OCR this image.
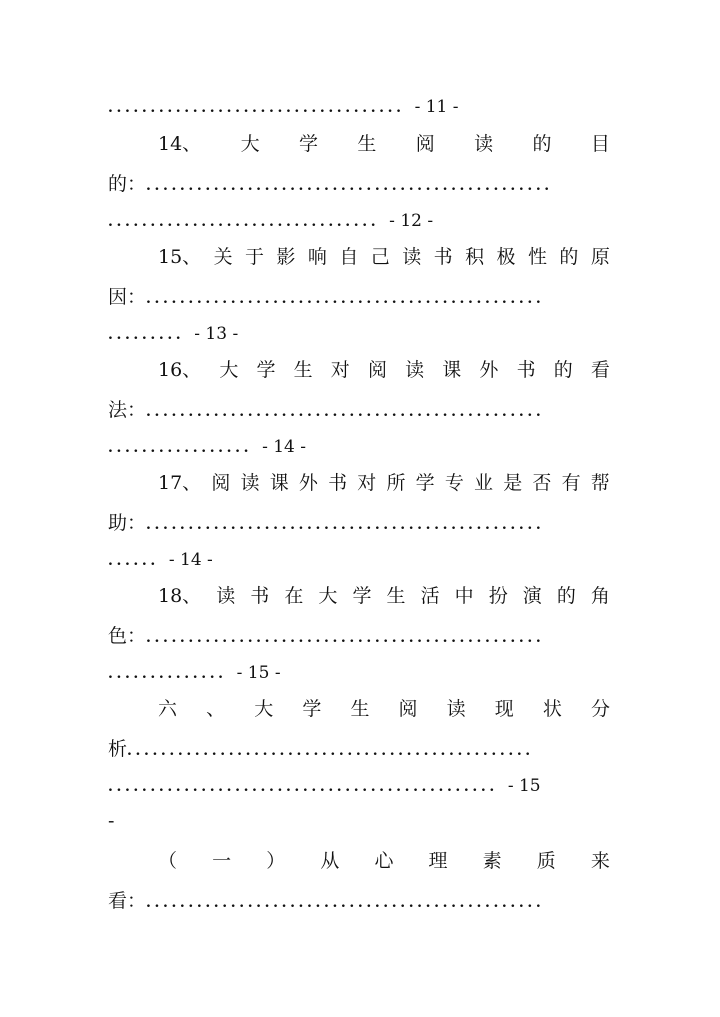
................................... - 11 -
14、 大 学 生 阅 读 的 目
的：................................................
................................ - 12 -
15、 关 于 影 响 自 己 读 书 积 极 性 的 原
因：...............................................
......... - 13 -
16、 大 学 生 对 阅 读 课 外 书 的 看
法：...............................................
................. - 14 -
17、 阅 读 课 外 书 对 所 学 专 业 是 否 有 帮
助：...............................................
...... - 14 -
18、 读 书 在 大 学 生 活 中 扮 演 的 角
色：...............................................
.............. - 15 -
六 、 大 学 生 阅 读 现 状 分
析................................................
.............................................. - 15
-
（ 一 ） 从 心 理 素 质 来
看：...............................................
